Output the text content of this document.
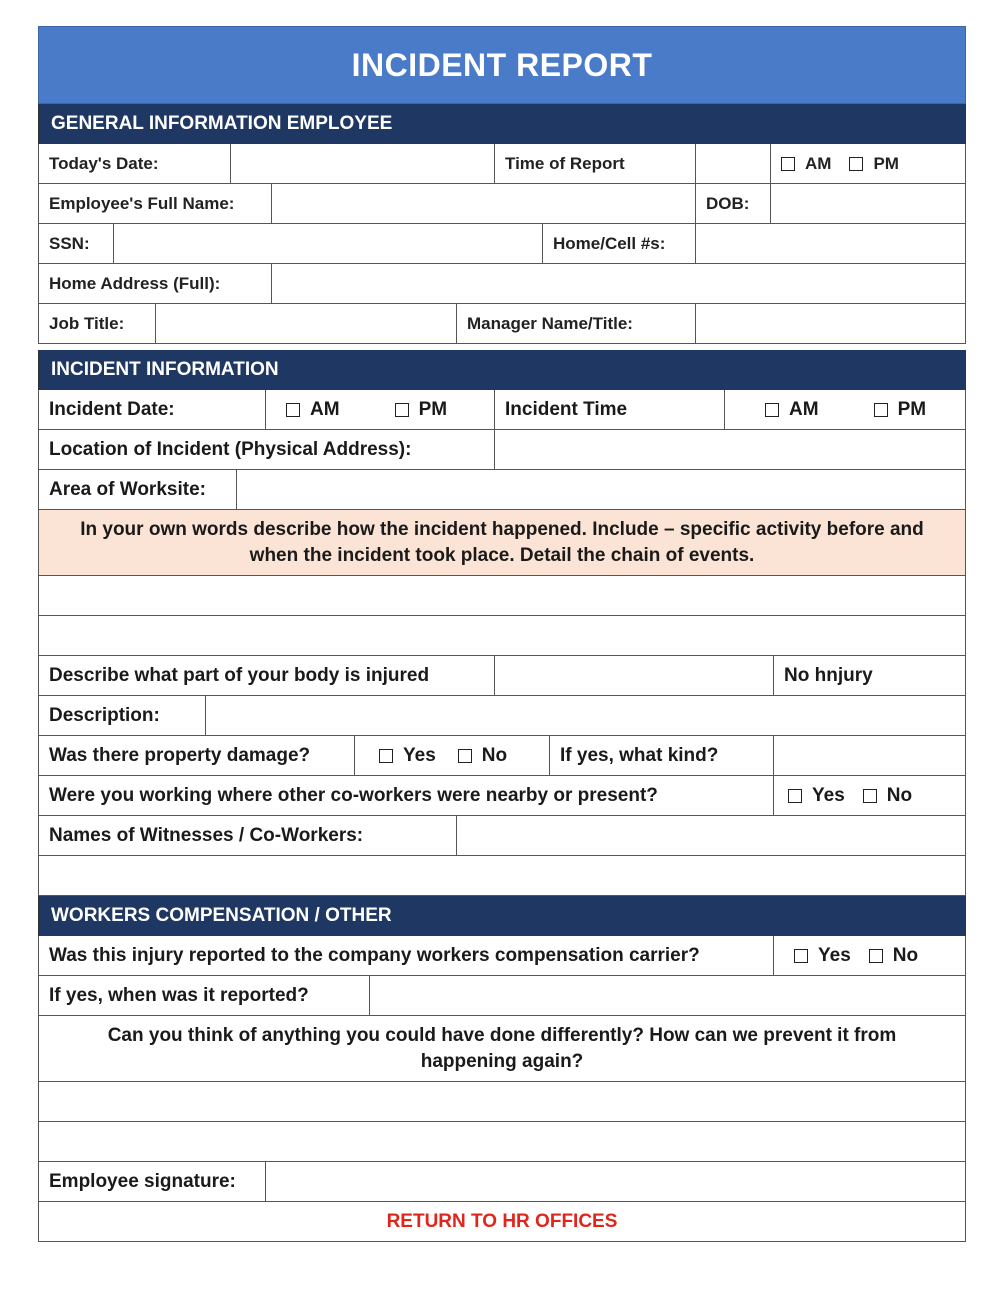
INCIDENT REPORT
GENERAL INFORMATION EMPLOYEE
Today's Date:	Time of Report	AM PM
Employee's Full Name:	DOB:
SSN:	Home/Cell #s:
Home Address (Full):
Job Title:	Manager Name/Title:
INCIDENT INFORMATION
Incident Date:	AM	PM	Incident Time	AM	PM
Location of Incident (Physical Address):
Area of Worksite:
In your own words describe how the incident happened. Include – specific activity before and when the incident took place. Detail the chain of events.
Describe what part of your body is injured	No hnjury
Description:
Was there property damage?	Yes No	If yes, what kind?
Were you working where other co-workers were nearby or present?	Yes No
Names of Witnesses / Co-Workers:
WORKERS COMPENSATION / OTHER
Was this injury reported to the company workers compensation carrier?	Yes No
If yes, when was it reported?
Can you think of anything you could have done differently? How can we prevent it from happening again?
Employee signature:
RETURN TO HR OFFICES
